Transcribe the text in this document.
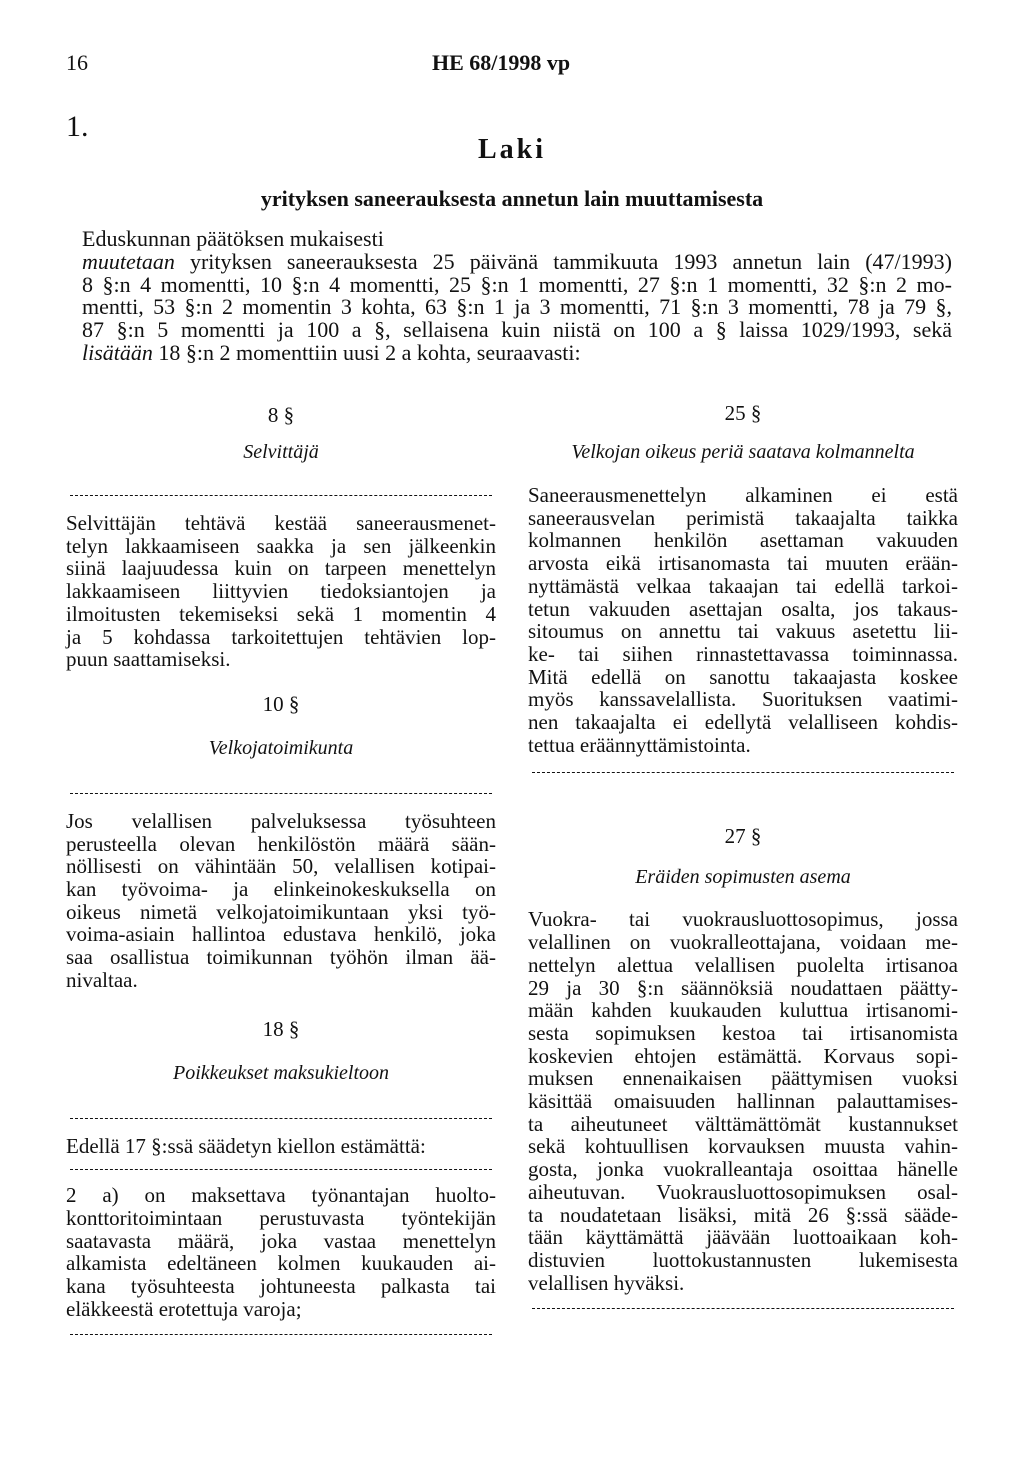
16	HE 68/1998 vp
1.
Laki
yrityksen saneerauksesta annetun lain muuttamisesta
Eduskunnan päätöksen mukaisesti
muutetaan yrityksen saneerauksesta 25 päivänä tammikuuta 1993 annetun lain (47/1993)
8 §:n 4 momentti, 10 §:n 4 momentti, 25 §:n 1 momentti, 27 §:n 1 momentti, 32 §:n 2 mo-
mentti, 53 §:n 2 momentin 3 kohta, 63 §:n 1 ja 3 momentti, 71 §:n 3 momentti, 78 ja 79 §,
87 §:n 5 momentti ja 100 a §, sellaisena kuin niistä on 100 a § laissa 1029/1993, sekä
lisätään 18 §:n 2 momenttiin uusi 2 a kohta, seuraavasti:
8 §
Selvittäjä
Selvittäjän tehtävä kestää saneerausmenet-
telyn lakkaamiseen saakka ja sen jälkeenkin
siinä laajuudessa kuin on tarpeen menettelyn
lakkaamiseen liittyvien tiedoksiantojen ja
ilmoitusten tekemiseksi sekä 1 momentin 4
ja 5 kohdassa tarkoitettujen tehtävien lop-
puun saattamiseksi.
10 §
Velkojatoimikunta
Jos velallisen palveluksessa työsuhteen
perusteella olevan henkilöstön määrä sään-
nöllisesti on vähintään 50, velallisen kotipai-
kan työvoima- ja elinkeinokeskuksella on
oikeus nimetä velkojatoimikuntaan yksi työ-
voima-asiain hallintoa edustava henkilö, joka
saa osallistua toimikunnan työhön ilman ää-
nivaltaa.
18 §
Poikkeukset maksukieltoon
Edellä 17 §:ssä säädetyn kiellon estämättä:
2 a) on maksettava työnantajan huolto-
konttoritoimintaan perustuvasta työntekijän
saatavasta määrä, joka vastaa menettelyn
alkamista edeltäneen kolmen kuukauden ai-
kana työsuhteesta johtuneesta palkasta tai
eläkkeestä erotettuja varoja;
25 §
Velkojan oikeus periä saatava kolmannelta
Saneerausmenettelyn alkaminen ei estä
saneerausvelan perimistä takaajalta taikka
kolmannen henkilön asettaman vakuuden
arvosta eikä irtisanomasta tai muuten erään-
nyttämästä velkaa takaajan tai edellä tarkoi-
tetun vakuuden asettajan osalta, jos takaus-
sitoumus on annettu tai vakuus asetettu lii-
ke- tai siihen rinnastettavassa toiminnassa.
Mitä edellä on sanottu takaajasta koskee
myös kanssavelallista. Suorituksen vaatimi-
nen takaajalta ei edellytä velalliseen kohdis-
tettua eräännyttämistointa.
27 §
Eräiden sopimusten asema
Vuokra- tai vuokrausluottosopimus, jossa
velallinen on vuokralleottajana, voidaan me-
nettelyn alettua velallisen puolelta irtisanoa
29 ja 30 §:n säännöksiä noudattaen päätty-
mään kahden kuukauden kuluttua irtisanomi-
sesta sopimuksen kestoa tai irtisanomista
koskevien ehtojen estämättä. Korvaus sopi-
muksen ennenaikaisen päättymisen vuoksi
käsittää omaisuuden hallinnan palauttamises-
ta aiheutuneet välttämättömät kustannukset
sekä kohtuullisen korvauksen muusta vahin-
gosta, jonka vuokralleantaja osoittaa hänelle
aiheutuvan. Vuokrausluottosopimuksen osal-
ta noudatetaan lisäksi, mitä 26 §:ssä sääde-
tään käyttämättä jäävään luottoaikaan koh-
distuvien luottokustannusten lukemisesta
velallisen hyväksi.
